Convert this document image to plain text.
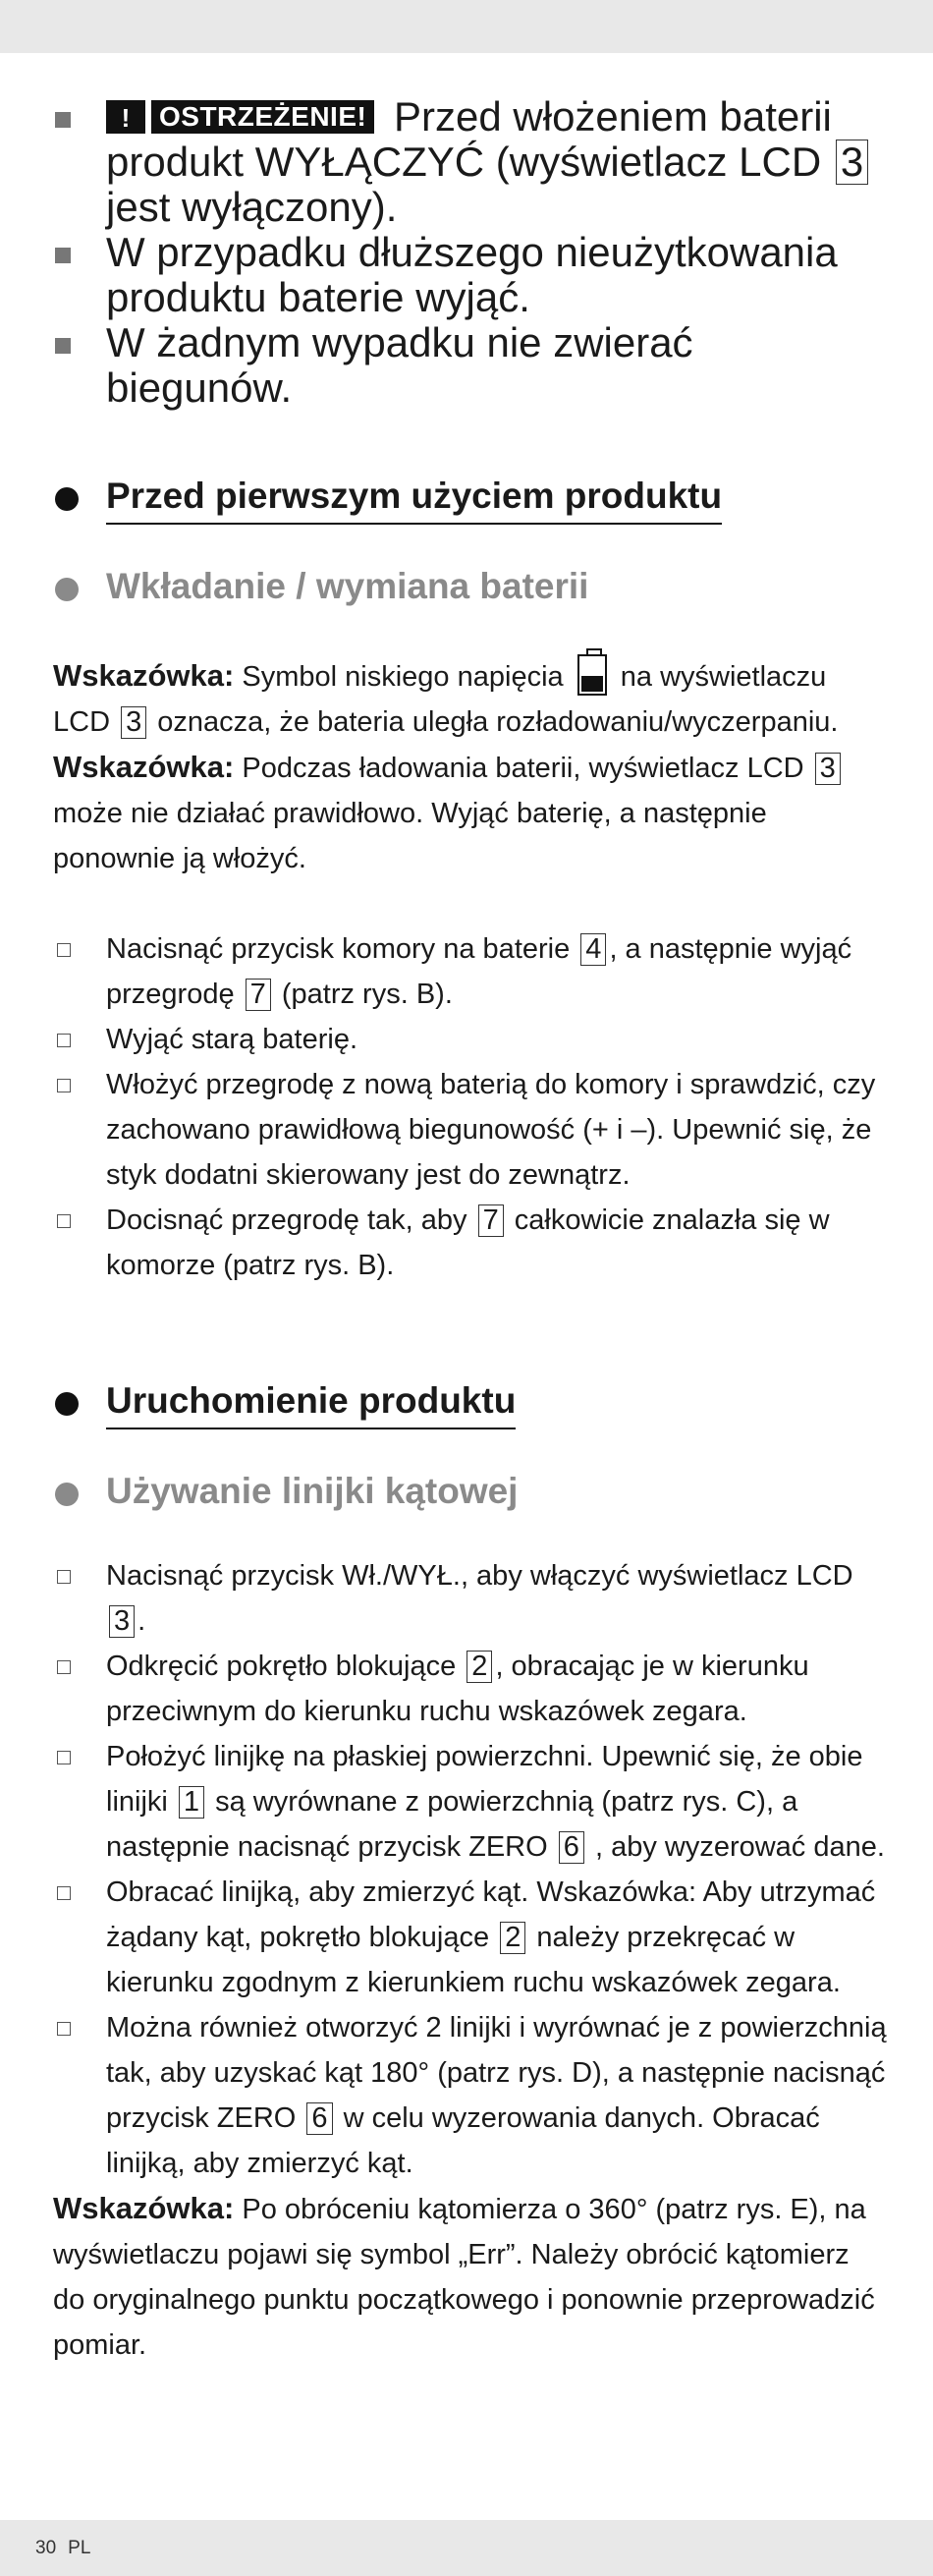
!	OSTRZEŻENIE! Przed włożeniem baterii produkt WYŁĄCZYĆ (wyświetlacz LCD 3 jest wyłączony).
W przypadku dłuższego nieużytkowania produktu baterie wyjąć.
W żadnym wypadku nie zwierać biegunów.
Przed pierwszym użyciem produktu
Wkładanie / wymiana baterii

Wskazówka: Symbol niskiego napięcia na wyświetlaczu LCD 3 oznacza, że bateria uległa rozładowaniu/wyczerpaniu.

Wskazówka: Podczas ładowania baterii, wyświetlacz LCD 3 może nie działać prawidłowo. Wyjąć baterię, a następnie ponownie ją włożyć.

Nacisnąć przycisk komory na baterie 4 , a następnie wyjąć przegrodę 7 (patrz rys. B).
Wyjąć starą baterię.
Włożyć przegrodę z nową baterią do komory i sprawdzić, czy zachowano prawidłową biegunowość (+ i –). Upewnić się, że styk dodatni skierowany jest do zewnątrz.
Docisnąć przegrodę tak, aby 7 całkowicie znalazła się w komorze (patrz rys. B).
Uruchomienie produktu
Używanie linijki kątowej
Nacisnąć przycisk Wł./WYŁ., aby włączyć wyświetlacz LCD 3 .
Odkręcić pokrętło blokujące 2 , obracając je w kierunku przeciwnym do kierunku ruchu wskazówek zegara.
Położyć linijkę na płaskiej powierzchni. Upewnić się, że obie linijki 1 są wyrównane z powierzchnią (patrz rys. C), a następnie nacisnąć przycisk ZERO 6 , aby wyzerować dane.
Obracać linijką, aby zmierzyć kąt. Wskazówka: Aby utrzymać żądany kąt, pokrętło blokujące 2 należy przekręcać w kierunku zgodnym z kierunkiem ruchu wskazówek zegara.
Można również otworzyć 2 linijki i wyrównać je z powierzchnią tak, aby uzyskać kąt 180° (patrz rys. D), a następnie nacisnąć przycisk ZERO 6 w celu wyzerowania danych. Obracać linijką, aby zmierzyć kąt.

Wskazówka: Po obróceniu kątomierza o 360° (patrz rys. E), na wyświetlaczu pojawi się symbol „Err”. Należy obrócić kątomierz do oryginalnego punktu początkowego i ponownie przeprowadzić pomiar.

30 PL
